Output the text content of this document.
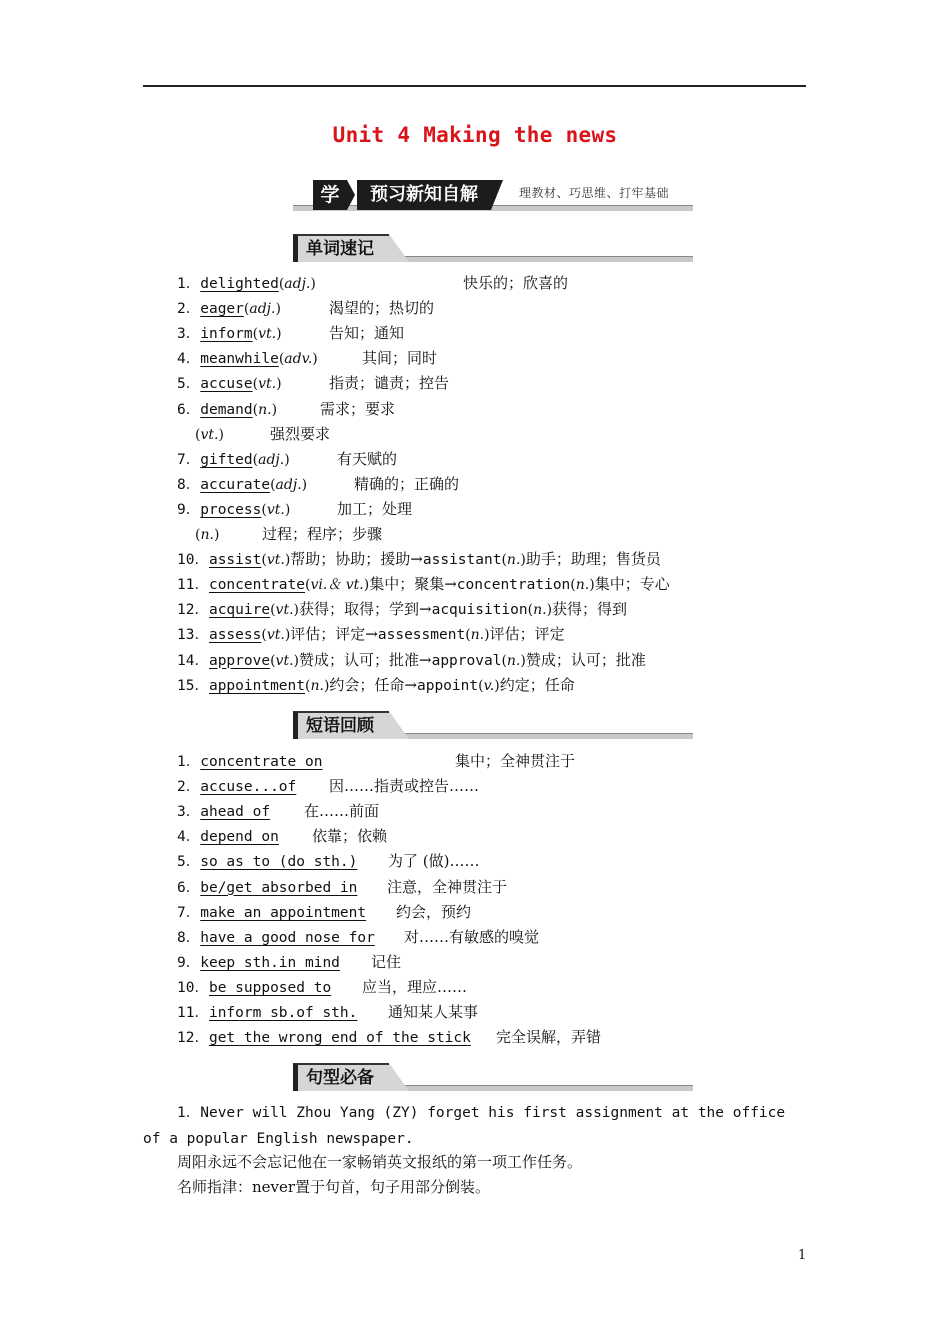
Unit 4 Making the news
学	预习新知自解	理教材、巧思维、打牢基础
单词速记
1．delighted(adj.)	快乐的；欣喜的
2．eager(adj.)	渴望的；热切的
3．inform(vt.)	告知；通知
4．meanwhile(adv.)	其间；同时
5．accuse(vt.)	指责；谴责；控告
6．demand(n.)	需求；要求
(vt.)	强烈要求
7．gifted(adj.)	有天赋的
8．accurate(adj.)	精确的；正确的
9．process(vt.)	加工；处理
(n.)	过程；程序；步骤
10．assist(vt.)帮助；协助；援助→assistant(n.)助手；助理；售货员
11．concentrate(vi.＆ vt.)集中；聚集→concentration(n.)集中；专心
12．acquire(vt.)获得；取得；学到→acquisition(n.)获得；得到
13．assess(vt.)评估；评定→assessment(n.)评估；评定
14．approve(vt.)赞成；认可；批准→approval(n.)赞成；认可；批准
15．appointment(n.)约会；任命→appoint(v.)约定；任命
短语回顾
1．concentrate on	集中；全神贯注于
2．accuse...of 因……指责或控告……
3．ahead of 在……前面
4．depend on 依靠；依赖
5．so as to (do sth.) 为了 (做)……
6．be/get absorbed in 注意，全神贯注于
7．make an appointment 约会，预约
8．have a good nose for 对……有敏感的嗅觉
9．keep sth.in mind 记住
10．be supposed to 应当，理应……
11．inform sb.of sth. 通知某人某事
12．get the wrong end of the stick 完全误解，弄错
句型必备
1．Never will Zhou Yang (ZY) forget his first assignment at the office of a popular English newspaper.
周阳永远不会忘记他在一家畅销英文报纸的第一项工作任务。
名师指津：never置于句首，句子用部分倒装。
1
